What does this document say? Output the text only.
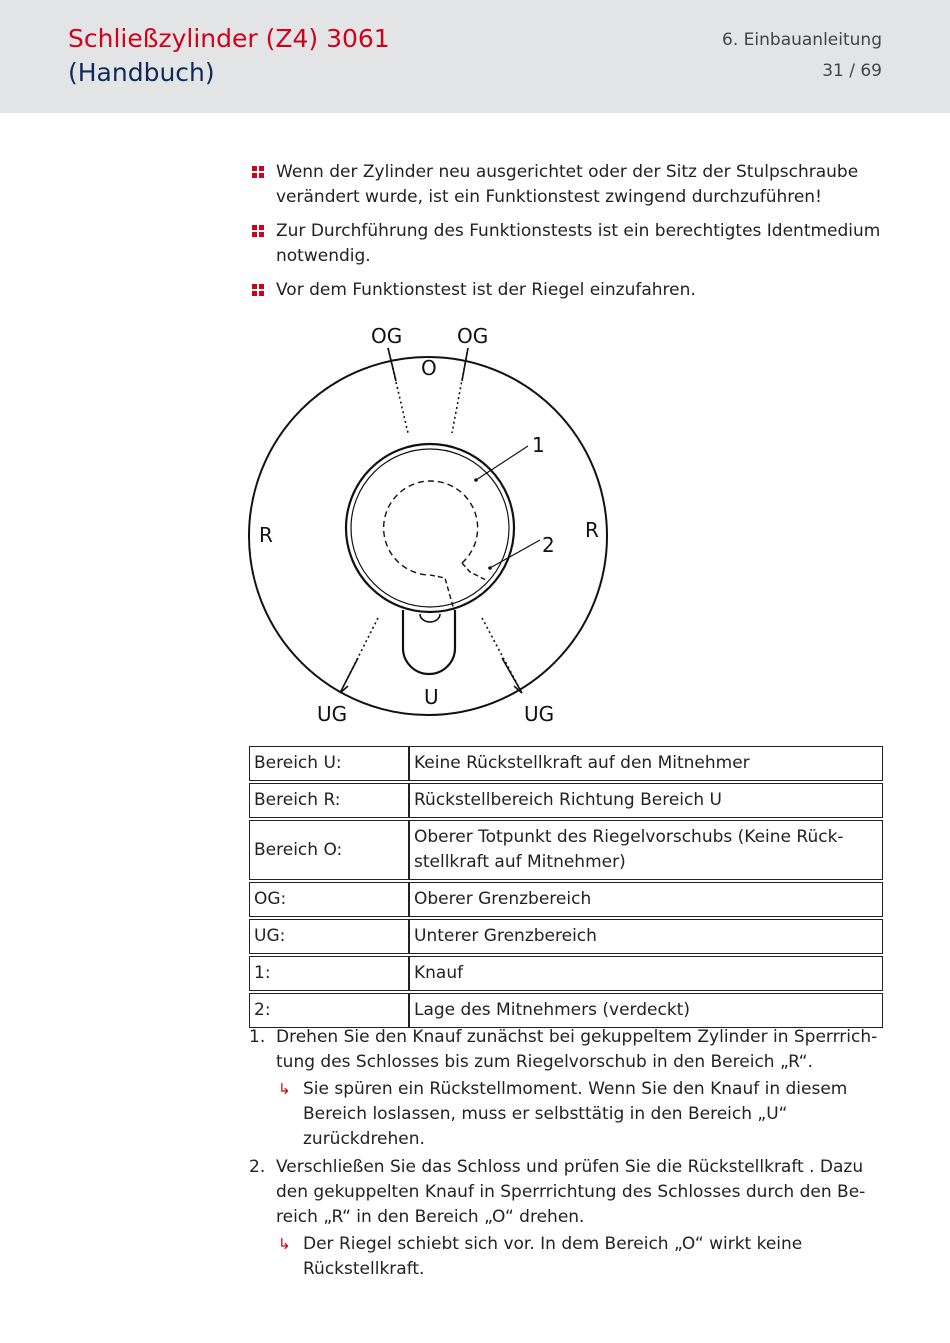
Schließzylinder (Z4) 3061
(Handbuch)
6. Einbauanleitung
31 / 69
Wenn der Zylinder neu ausgerichtet oder der Sitz der Stulpschraube verändert wurde, ist ein Funktionstest zwingend durchzuführen!
Zur Durchführung des Funktionstests ist ein berechtigtes Identmedium notwendig.
Vor dem Funktionstest ist der Riegel einzufahren.
OG	OG
O
1
R	R
2
U
UG	UG
Bereich U:	Keine Rückstellkraft auf den Mitnehmer
Bereich R:	Rückstellbereich Richtung Bereich U
Bereich O:	Oberer Totpunkt des Riegelvorschubs (Keine Rück-stellkraft auf Mitnehmer)
OG:	Oberer Grenzbereich
UG:	Unterer Grenzbereich
1:	Knauf
2:	Lage des Mitnehmers (verdeckt)
1. Drehen Sie den Knauf zunächst bei gekuppeltem Zylinder in Sperrrich-tung des Schlosses bis zum Riegelvorschub in den Bereich „R“.
↳ Sie spüren ein Rückstellmoment. Wenn Sie den Knauf in diesem Bereich loslassen, muss er selbsttätig in den Bereich „U“ zurückdrehen.
2. Verschließen Sie das Schloss und prüfen Sie die Rückstellkraft . Dazu den gekuppelten Knauf in Sperrrichtung des Schlosses durch den Be-reich „R“ in den Bereich „O“ drehen.
↳ Der Riegel schiebt sich vor. In dem Bereich „O“ wirkt keine Rückstellkraft.
